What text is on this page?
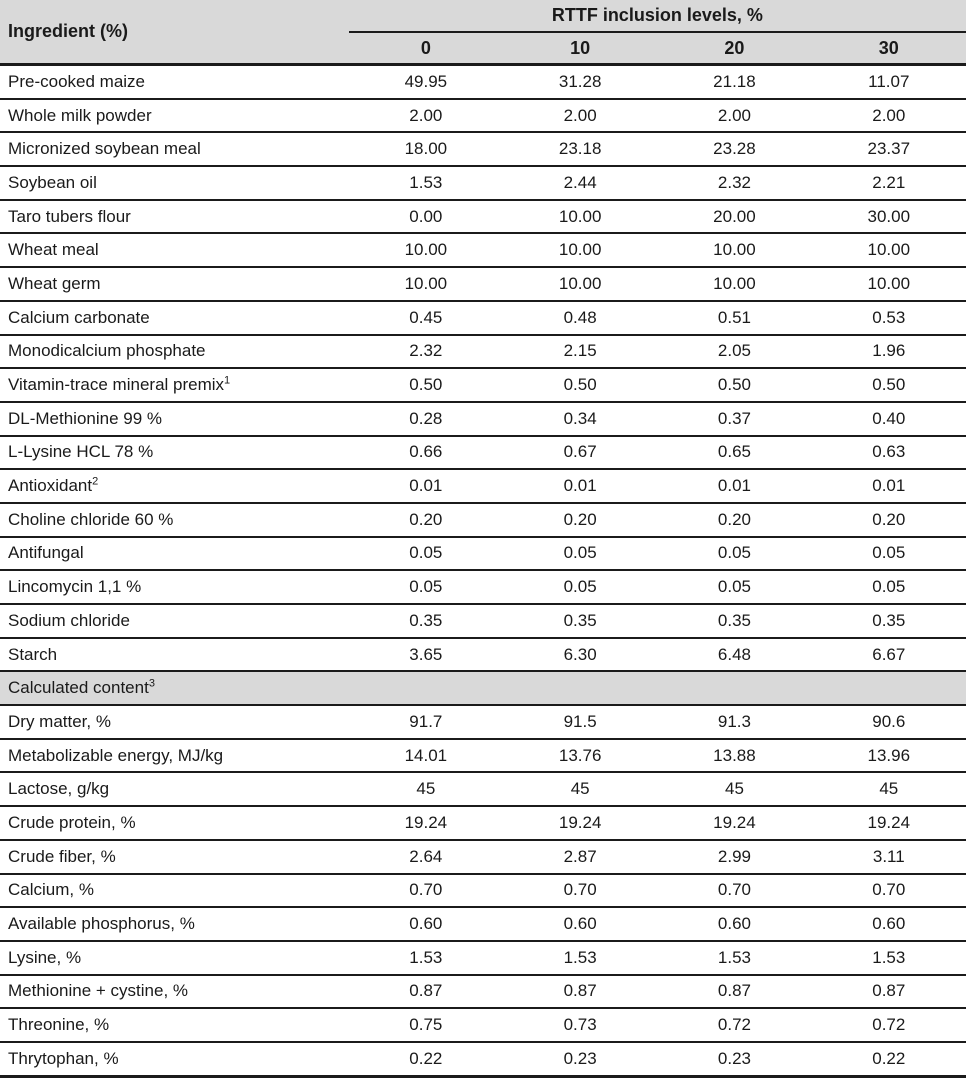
Ingredient (%)	RTTF inclusion levels, %			
	0	10	20	30
Pre-cooked maize	49.95	31.28	21.18	11.07
Whole milk powder	2.00	2.00	2.00	2.00
Micronized soybean meal	18.00	23.18	23.28	23.37
Soybean oil	1.53	2.44	2.32	2.21
Taro tubers flour	0.00	10.00	20.00	30.00
Wheat meal	10.00	10.00	10.00	10.00
Wheat germ	10.00	10.00	10.00	10.00
Calcium carbonate	0.45	0.48	0.51	0.53
Monodicalcium phosphate	2.32	2.15	2.05	1.96
Vitamin-trace mineral premix$^1$	0.50	0.50	0.50	0.50
DL-Methionine 99 %	0.28	0.34	0.37	0.40
L-Lysine HCL 78 %	0.66	0.67	0.65	0.63
Antioxidant$^2$	0.01	0.01	0.01	0.01
Choline chloride 60 %	0.20	0.20	0.20	0.20
Antifungal	0.05	0.05	0.05	0.05
Lincomycin 1,1 %	0.05	0.05	0.05	0.05
Sodium chloride	0.35	0.35	0.35	0.35
Starch	3.65	6.30	6.48	6.67
Calculated content$^3$
Dry matter, %	91.7	91.5	91.3	90.6
Metabolizable energy, MJ/kg	14.01	13.76	13.88	13.96
Lactose, g/kg	45	45	45	45
Crude protein, %	19.24	19.24	19.24	19.24
Crude fiber, %	2.64	2.87	2.99	3.11
Calcium, %	0.70	0.70	0.70	0.70
Available phosphorus, %	0.60	0.60	0.60	0.60
Lysine, %	1.53	1.53	1.53	1.53
Methionine + cystine, %	0.87	0.87	0.87	0.87
Threonine, %	0.75	0.73	0.72	0.72
Thrytophan, %	0.22	0.23	0.23	0.22
